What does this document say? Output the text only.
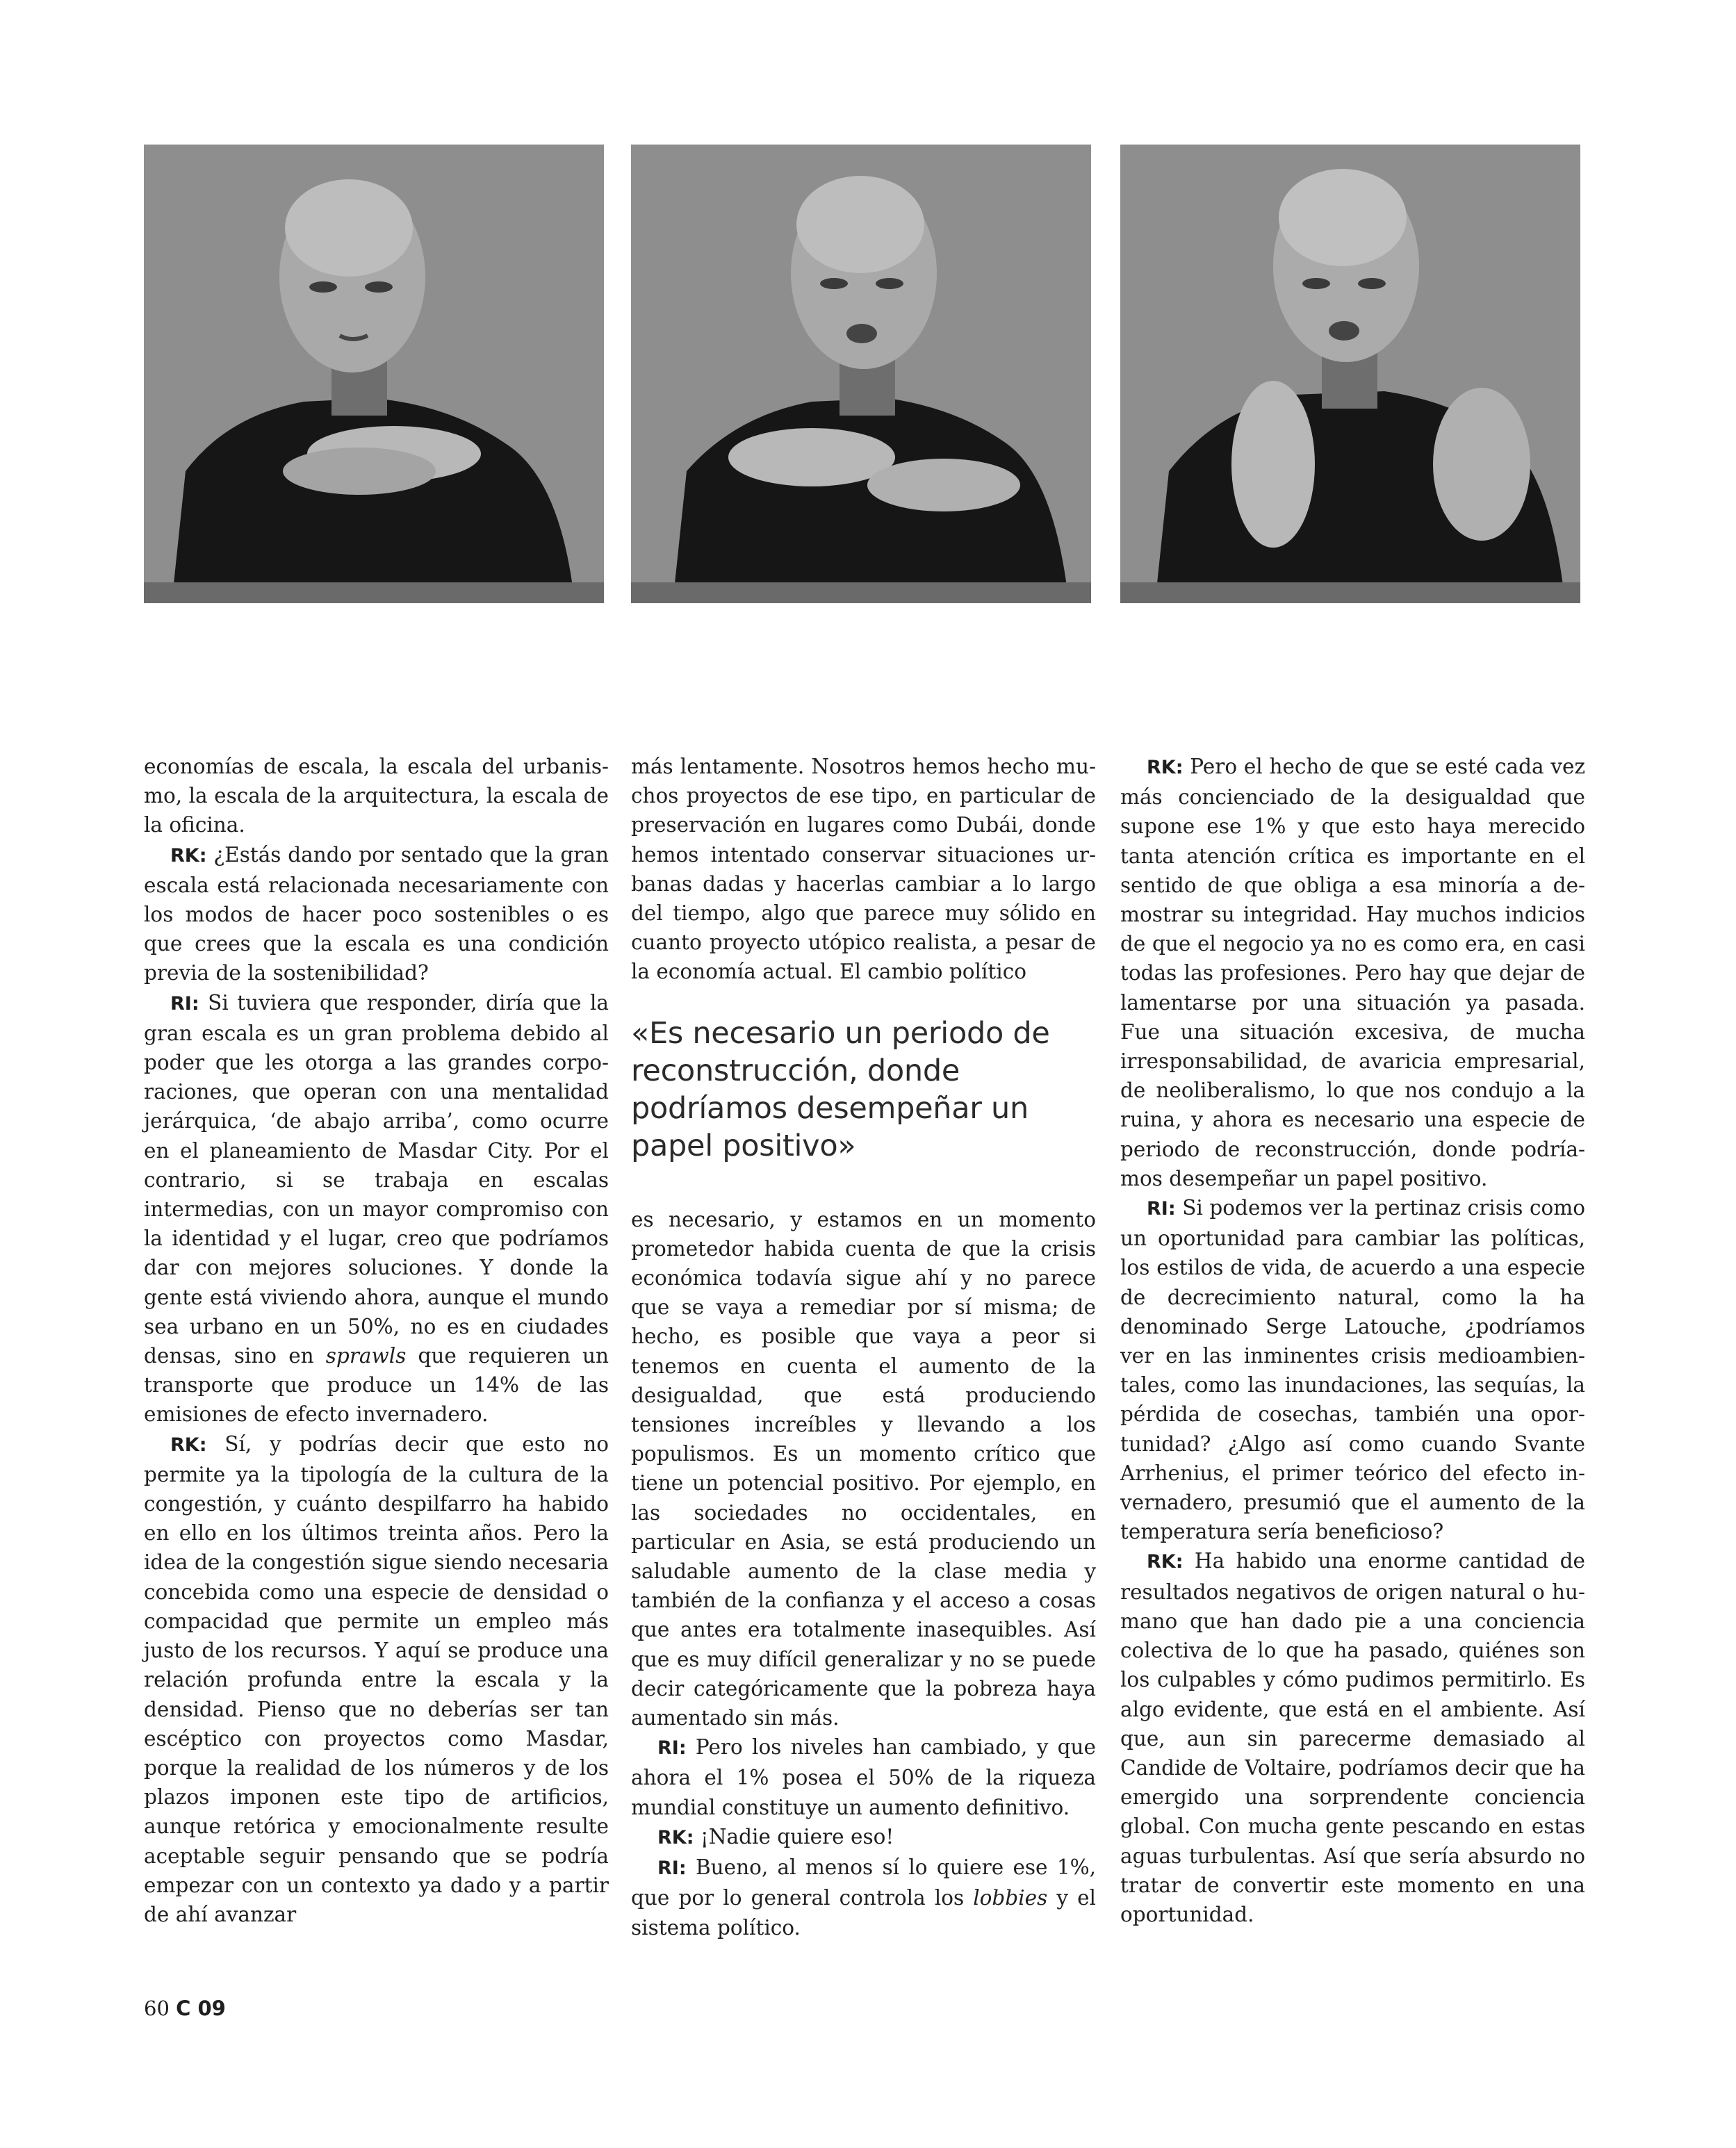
economías de escala, la escala del urbanismo, la escala de la arquitectura, la escala de la oficina.

RK: ¿Estás dando por sentado que la gran escala está relacionada necesariamente con los modos de hacer poco sostenibles o es que crees que la escala es una condición previa de la sostenibilidad?

RI: Si tuviera que responder, diría que la gran escala es un gran problema debido al poder que les otorga a las grandes corporaciones, que operan con una mentalidad jerárquica, ‘de abajo arriba’, como ocurre en el planeamiento de Masdar City. Por el contrario, si se trabaja en escalas intermedias, con un mayor compromiso con la identidad y el lugar, creo que podríamos dar con mejores soluciones. Y donde la gente está viviendo ahora, aunque el mundo sea urbano en un 50%, no es en ciudades densas, sino en sprawls que requieren un transporte que produce un 14% de las emisiones de efecto invernadero.

RK: Sí, y podrías decir que esto no permite ya la tipología de la cultura de la congestión, y cuánto despilfarro ha habido en ello en los últimos treinta años. Pero la idea de la congestión sigue siendo necesaria concebida como una especie de densidad o compacidad que permite un empleo más justo de los recursos. Y aquí se produce una relación profunda entre la escala y la densidad. Pienso que no deberías ser tan escéptico con proyectos como Masdar, porque la realidad de los números y de los plazos imponen este tipo de artificios, aunque retórica y emocionalmente resulte aceptable seguir pensando que se podría empezar con un contexto ya dado y a partir de ahí avanzar

más lentamente. Nosotros hemos hecho muchos proyectos de ese tipo, en particular de preservación en lugares como Dubái, donde hemos intentado conservar situaciones urbanas dadas y hacerlas cambiar a lo largo del tiempo, algo que parece muy sólido en cuanto proyecto utópico realista, a pesar de la economía actual. El cambio político

«Es necesario un periodo de reconstrucción, donde podríamos desempeñar un papel positivo»

es necesario, y estamos en un momento prometedor habida cuenta de que la crisis económica todavía sigue ahí y no parece que se vaya a remediar por sí misma; de hecho, es posible que vaya a peor si tenemos en cuenta el aumento de la desigualdad, que está produciendo tensiones increíbles y llevando a los populismos. Es un momento crítico que tiene un potencial positivo. Por ejemplo, en las sociedades no occidentales, en particular en Asia, se está produciendo un saludable aumento de la clase media y también de la confianza y el acceso a cosas que antes era totalmente inasequibles. Así que es muy difícil generalizar y no se puede decir categóricamente que la pobreza haya aumentado sin más.

RI: Pero los niveles han cambiado, y que ahora el 1% posea el 50% de la riqueza mundial constituye un aumento definitivo.

RK: ¡Nadie quiere eso!

RI: Bueno, al menos sí lo quiere ese 1%, que por lo general controla los lobbies y el sistema político.

RK: Pero el hecho de que se esté cada vez más concienciado de la desigualdad que supone ese 1% y que esto haya merecido tanta atención crítica es importante en el sentido de que obliga a esa minoría a demostrar su integridad. Hay muchos indicios de que el negocio ya no es como era, en casi todas las profesiones. Pero hay que dejar de lamentarse por una situación ya pasada. Fue una situación excesiva, de mucha irresponsabilidad, de avaricia empresarial, de neoliberalismo, lo que nos condujo a la ruina, y ahora es necesario una especie de periodo de reconstrucción, donde podríamos desempeñar un papel positivo.

RI: Si podemos ver la pertinaz crisis como un oportunidad para cambiar las políticas, los estilos de vida, de acuerdo a una especie de decrecimiento natural, como la ha denominado Serge Latouche, ¿podríamos ver en las inminentes crisis medioambientales, como las inundaciones, las sequías, la pérdida de cosechas, también una oportunidad? ¿Algo así como cuando Svante Arrhenius, el primer teórico del efecto invernadero, presumió que el aumento de la temperatura sería beneficioso?

RK: Ha habido una enorme cantidad de resultados negativos de origen natural o humano que han dado pie a una conciencia colectiva de lo que ha pasado, quiénes son los culpables y cómo pudimos permitirlo. Es algo evidente, que está en el ambiente. Así que, aun sin parecerme demasiado al Candide de Voltaire, podríamos decir que ha emergido una sorprendente conciencia global. Con mucha gente pescando en estas aguas turbulentas. Así que sería absurdo no tratar de convertir este momento en una oportunidad.

60 C 09
